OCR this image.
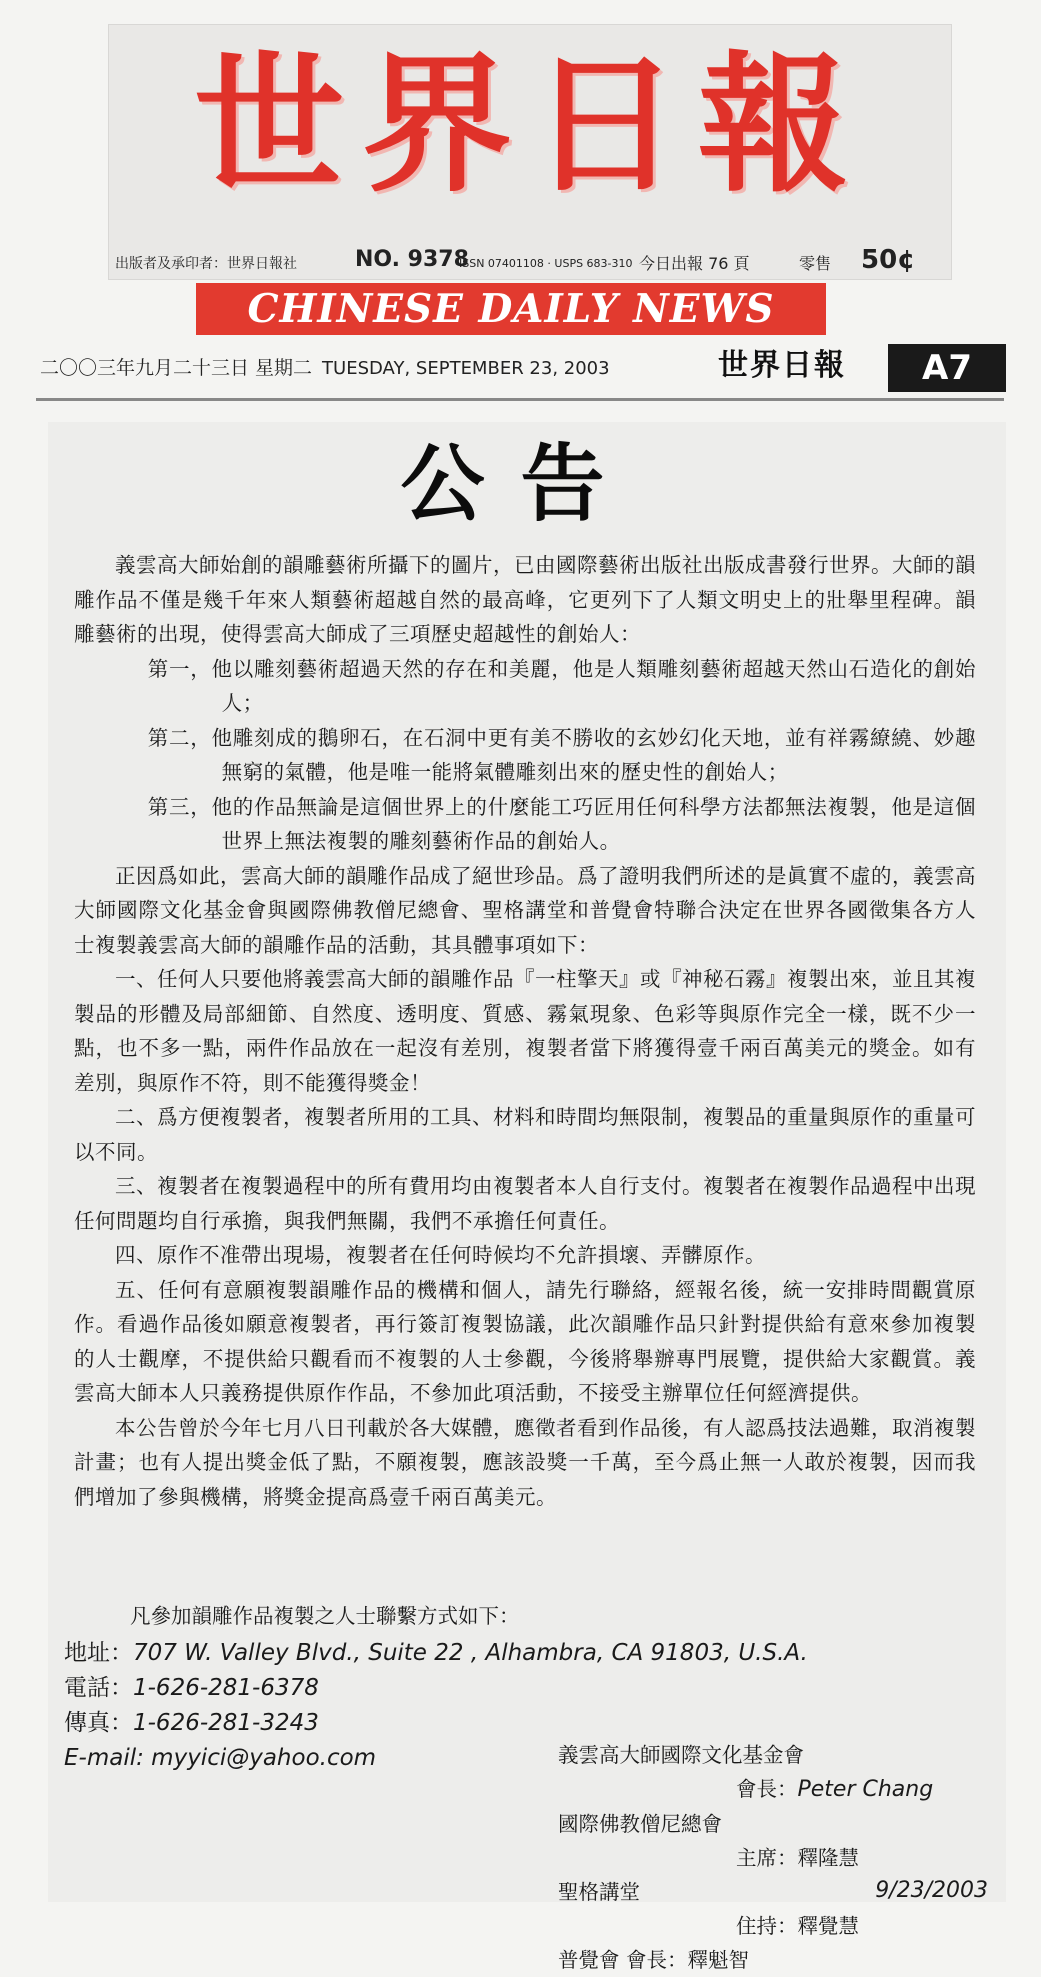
世界日報
出版者及承印者：世界日報社	NO. 9378
ISSN 07401108 · USPS 683-310 今日出報 76 頁	零售 50¢
CHINESE DAILY NEWS
二〇〇三年九月二十三日 星期二 TUESDAY, SEPTEMBER 23, 2003	世界日報	A7
公告

義雲高大師始創的韻雕藝術所攝下的圖片，已由國際藝術出版社出版成書發行世界。大師的韻雕作品不僅是幾千年來人類藝術超越自然的最高峰，它更列下了人類文明史上的壯舉里程碑。韻雕藝術的出現，使得雲高大師成了三項歷史超越性的創始人：

第一，他以雕刻藝術超過天然的存在和美麗，他是人類雕刻藝術超越天然山石造化的創始人；

第二，他雕刻成的鵝卵石，在石洞中更有美不勝收的玄妙幻化天地，並有祥霧繚繞、妙趣無窮的氣體，他是唯一能將氣體雕刻出來的歷史性的創始人；

第三，他的作品無論是這個世界上的什麼能工巧匠用任何科學方法都無法複製，他是這個世界上無法複製的雕刻藝術作品的創始人。

正因爲如此，雲高大師的韻雕作品成了絕世珍品。爲了證明我們所述的是眞實不虛的，義雲高大師國際文化基金會與國際佛教僧尼總會、聖格講堂和普覺會特聯合決定在世界各國徵集各方人士複製義雲高大師的韻雕作品的活動，其具體事項如下：

一、任何人只要他將義雲高大師的韻雕作品『一柱擎天』或『神秘石霧』複製出來，並且其複製品的形體及局部細節、自然度、透明度、質感、霧氣現象、色彩等與原作完全一樣，既不少一點，也不多一點，兩件作品放在一起沒有差別，複製者當下將獲得壹千兩百萬美元的獎金。如有差別，與原作不符，則不能獲得獎金！

二、爲方便複製者，複製者所用的工具、材料和時間均無限制，複製品的重量與原作的重量可以不同。

三、複製者在複製過程中的所有費用均由複製者本人自行支付。複製者在複製作品過程中出現任何問題均自行承擔，與我們無關，我們不承擔任何責任。

四、原作不准帶出現場，複製者在任何時候均不允許損壞、弄髒原作。

五、任何有意願複製韻雕作品的機構和個人，請先行聯絡，經報名後，統一安排時間觀賞原作。看過作品後如願意複製者，再行簽訂複製協議，此次韻雕作品只針對提供給有意來參加複製的人士觀摩，不提供給只觀看而不複製的人士參觀，今後將舉辦專門展覽，提供給大家觀賞。義雲高大師本人只義務提供原作作品，不參加此項活動，不接受主辦單位任何經濟提供。

本公告曾於今年七月八日刊載於各大媒體，應徵者看到作品後，有人認爲技法過難，取消複製計畫；也有人提出獎金低了點，不願複製，應該設獎一千萬，至今爲止無一人敢於複製，因而我們增加了參與機構，將獎金提高爲壹千兩百萬美元。

凡參加韻雕作品複製之人士聯繫方式如下：
地址：707 W. Valley Blvd., Suite 22 , Alhambra, CA 91803, U.S.A.
電話：1-626-281-6378
傳真：1-626-281-3243
E-mail: myyici@yahoo.com	義雲高大師國際文化基金會
會長：Peter Chang
國際佛教僧尼總會
主席：釋隆慧
聖格講堂
住持：釋覺慧
普覺會 會長：釋魁智
9/23/2003
